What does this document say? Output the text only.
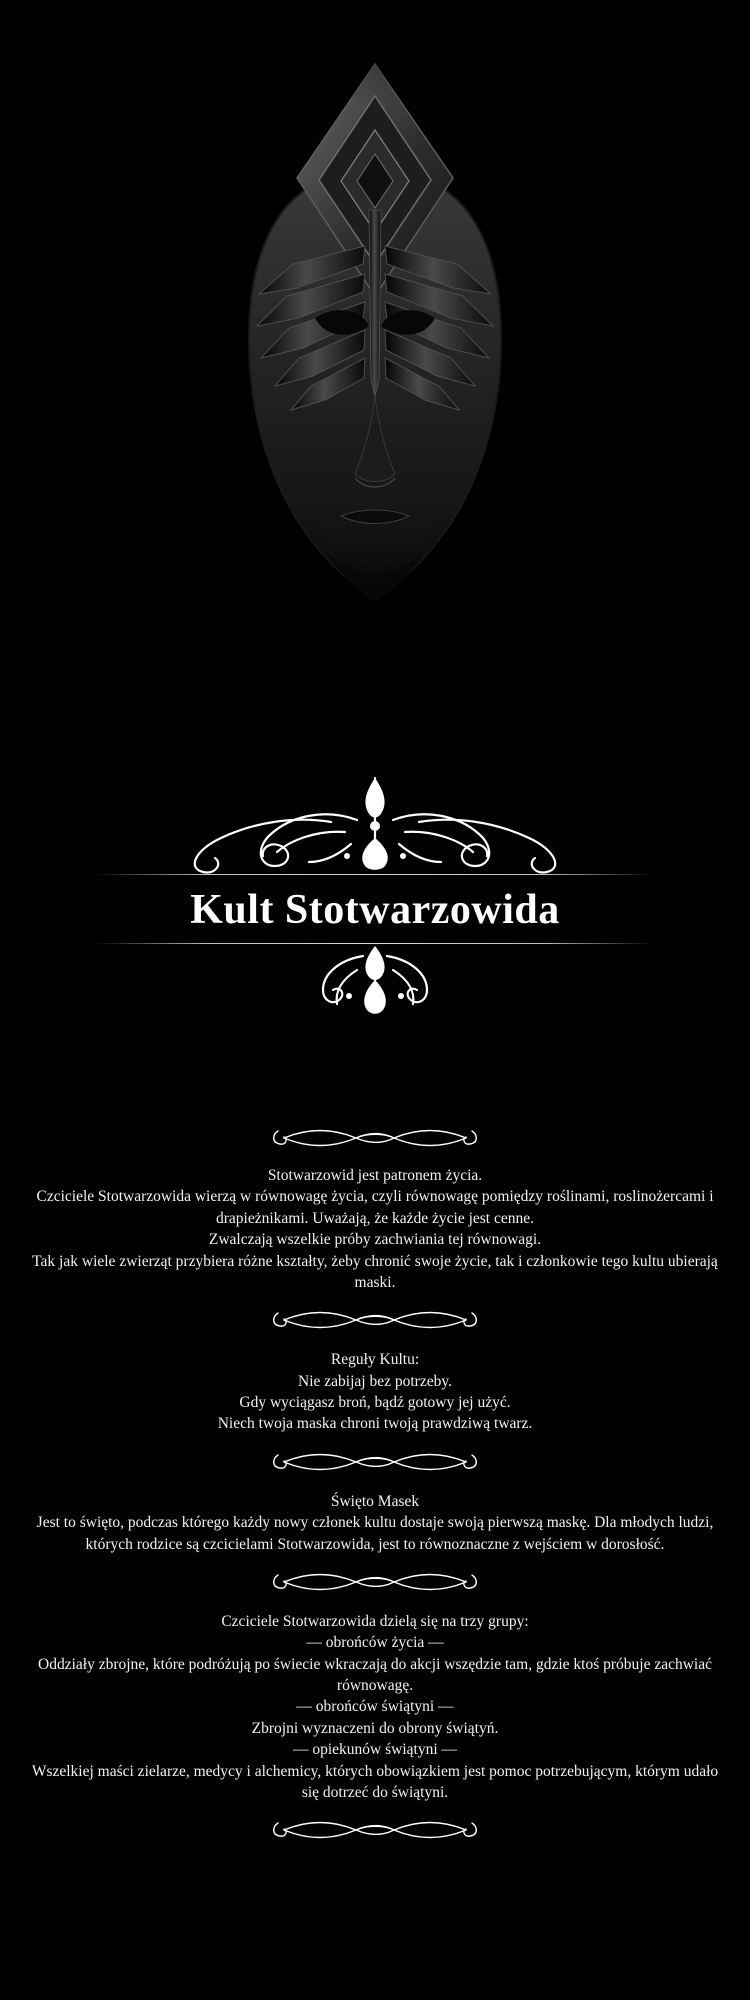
Kult Stotwarzowida

Stotwarzowid jest patronem życia.

Czciciele Stotwarzowida wierzą w równowagę życia, czyli równowagę pomiędzy roślinami, roslinożercami i drapieżnikami. Uważają, że każde życie jest cenne.

Zwalczają wszelkie próby zachwiania tej równowagi.

Tak jak wiele zwierząt przybiera różne kształty, żeby chronić swoje życie, tak i członkowie tego kultu ubierają maski.

Reguły Kultu:

Nie zabijaj bez potrzeby.

Gdy wyciągasz broń, bądź gotowy jej użyć.

Niech twoja maska chroni twoją prawdziwą twarz.

Święto Masek

Jest to święto, podczas którego każdy nowy członek kultu dostaje swoją pierwszą maskę. Dla młodych ludzi, których rodzice są czcicielami Stotwarzowida, jest to równoznaczne z wejściem w dorosłość.

Czciciele Stotwarzowida dzielą się na trzy grupy:

— obrońców życia —

Oddziały zbrojne, które podróżują po świecie wkraczają do akcji wszędzie tam, gdzie ktoś próbuje zachwiać równowagę.

— obrońców świątyni —

Zbrojni wyznaczeni do obrony świątyń.

— opiekunów świątyni —

Wszelkiej maści zielarze, medycy i alchemicy, których obowiązkiem jest pomoc potrzebującym, którym udało się dotrzeć do świątyni.
